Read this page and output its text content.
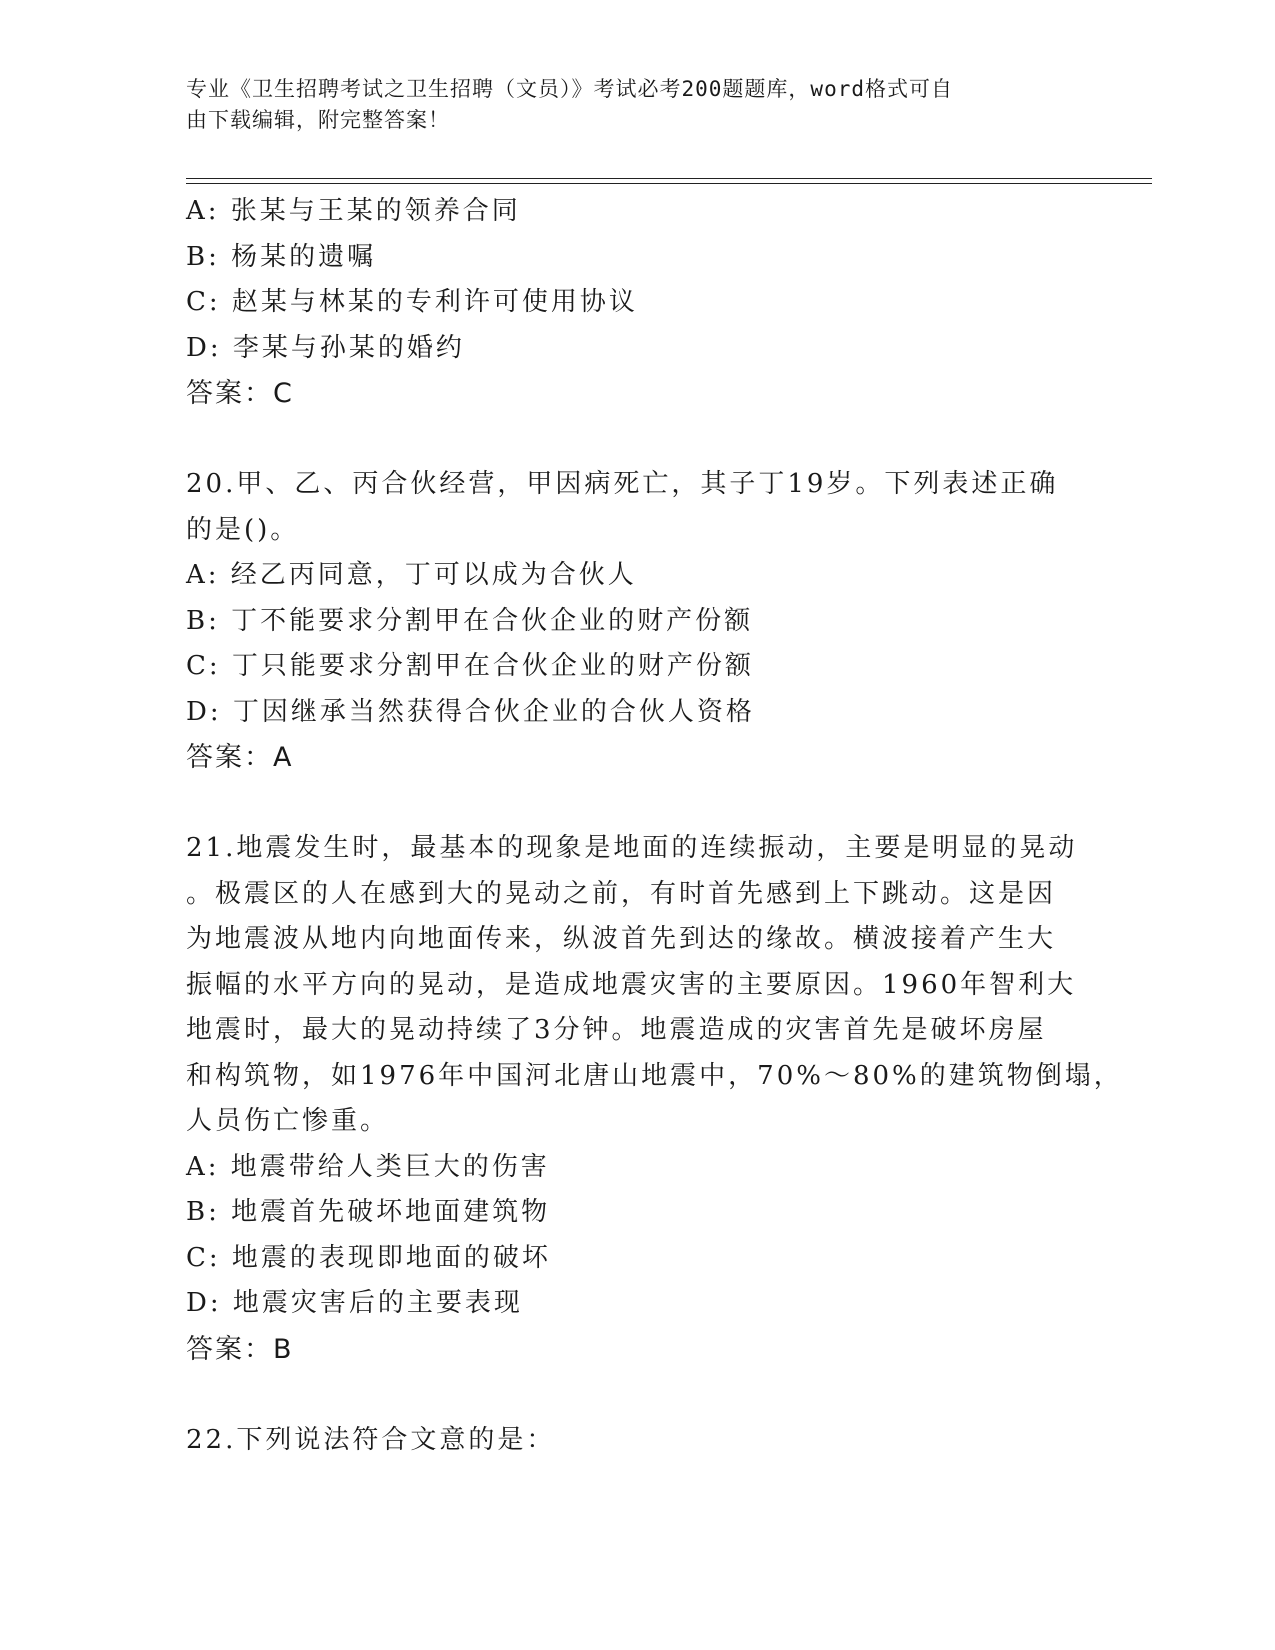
专业《卫生招聘考试之卫生招聘（文员）》考试必考200题题库，word格式可自
由下载编辑，附完整答案！
A: 张某与王某的领养合同
B: 杨某的遗嘱
C: 赵某与林某的专利许可使用协议
D: 李某与孙某的婚约
答案：C
20.甲、乙、丙合伙经营，甲因病死亡，其子丁19岁。下列表述正确
的是()。
A: 经乙丙同意，丁可以成为合伙人
B: 丁不能要求分割甲在合伙企业的财产份额
C: 丁只能要求分割甲在合伙企业的财产份额
D: 丁因继承当然获得合伙企业的合伙人资格
答案：A
21.地震发生时，最基本的现象是地面的连续振动，主要是明显的晃动
。极震区的人在感到大的晃动之前，有时首先感到上下跳动。这是因
为地震波从地内向地面传来，纵波首先到达的缘故。横波接着产生大
振幅的水平方向的晃动，是造成地震灾害的主要原因。1960年智利大
地震时，最大的晃动持续了3分钟。地震造成的灾害首先是破坏房屋
和构筑物，如1976年中国河北唐山地震中，70%～80%的建筑物倒塌，
人员伤亡惨重。
A: 地震带给人类巨大的伤害
B: 地震首先破坏地面建筑物
C: 地震的表现即地面的破坏
D: 地震灾害后的主要表现
答案：B
22.下列说法符合文意的是：
